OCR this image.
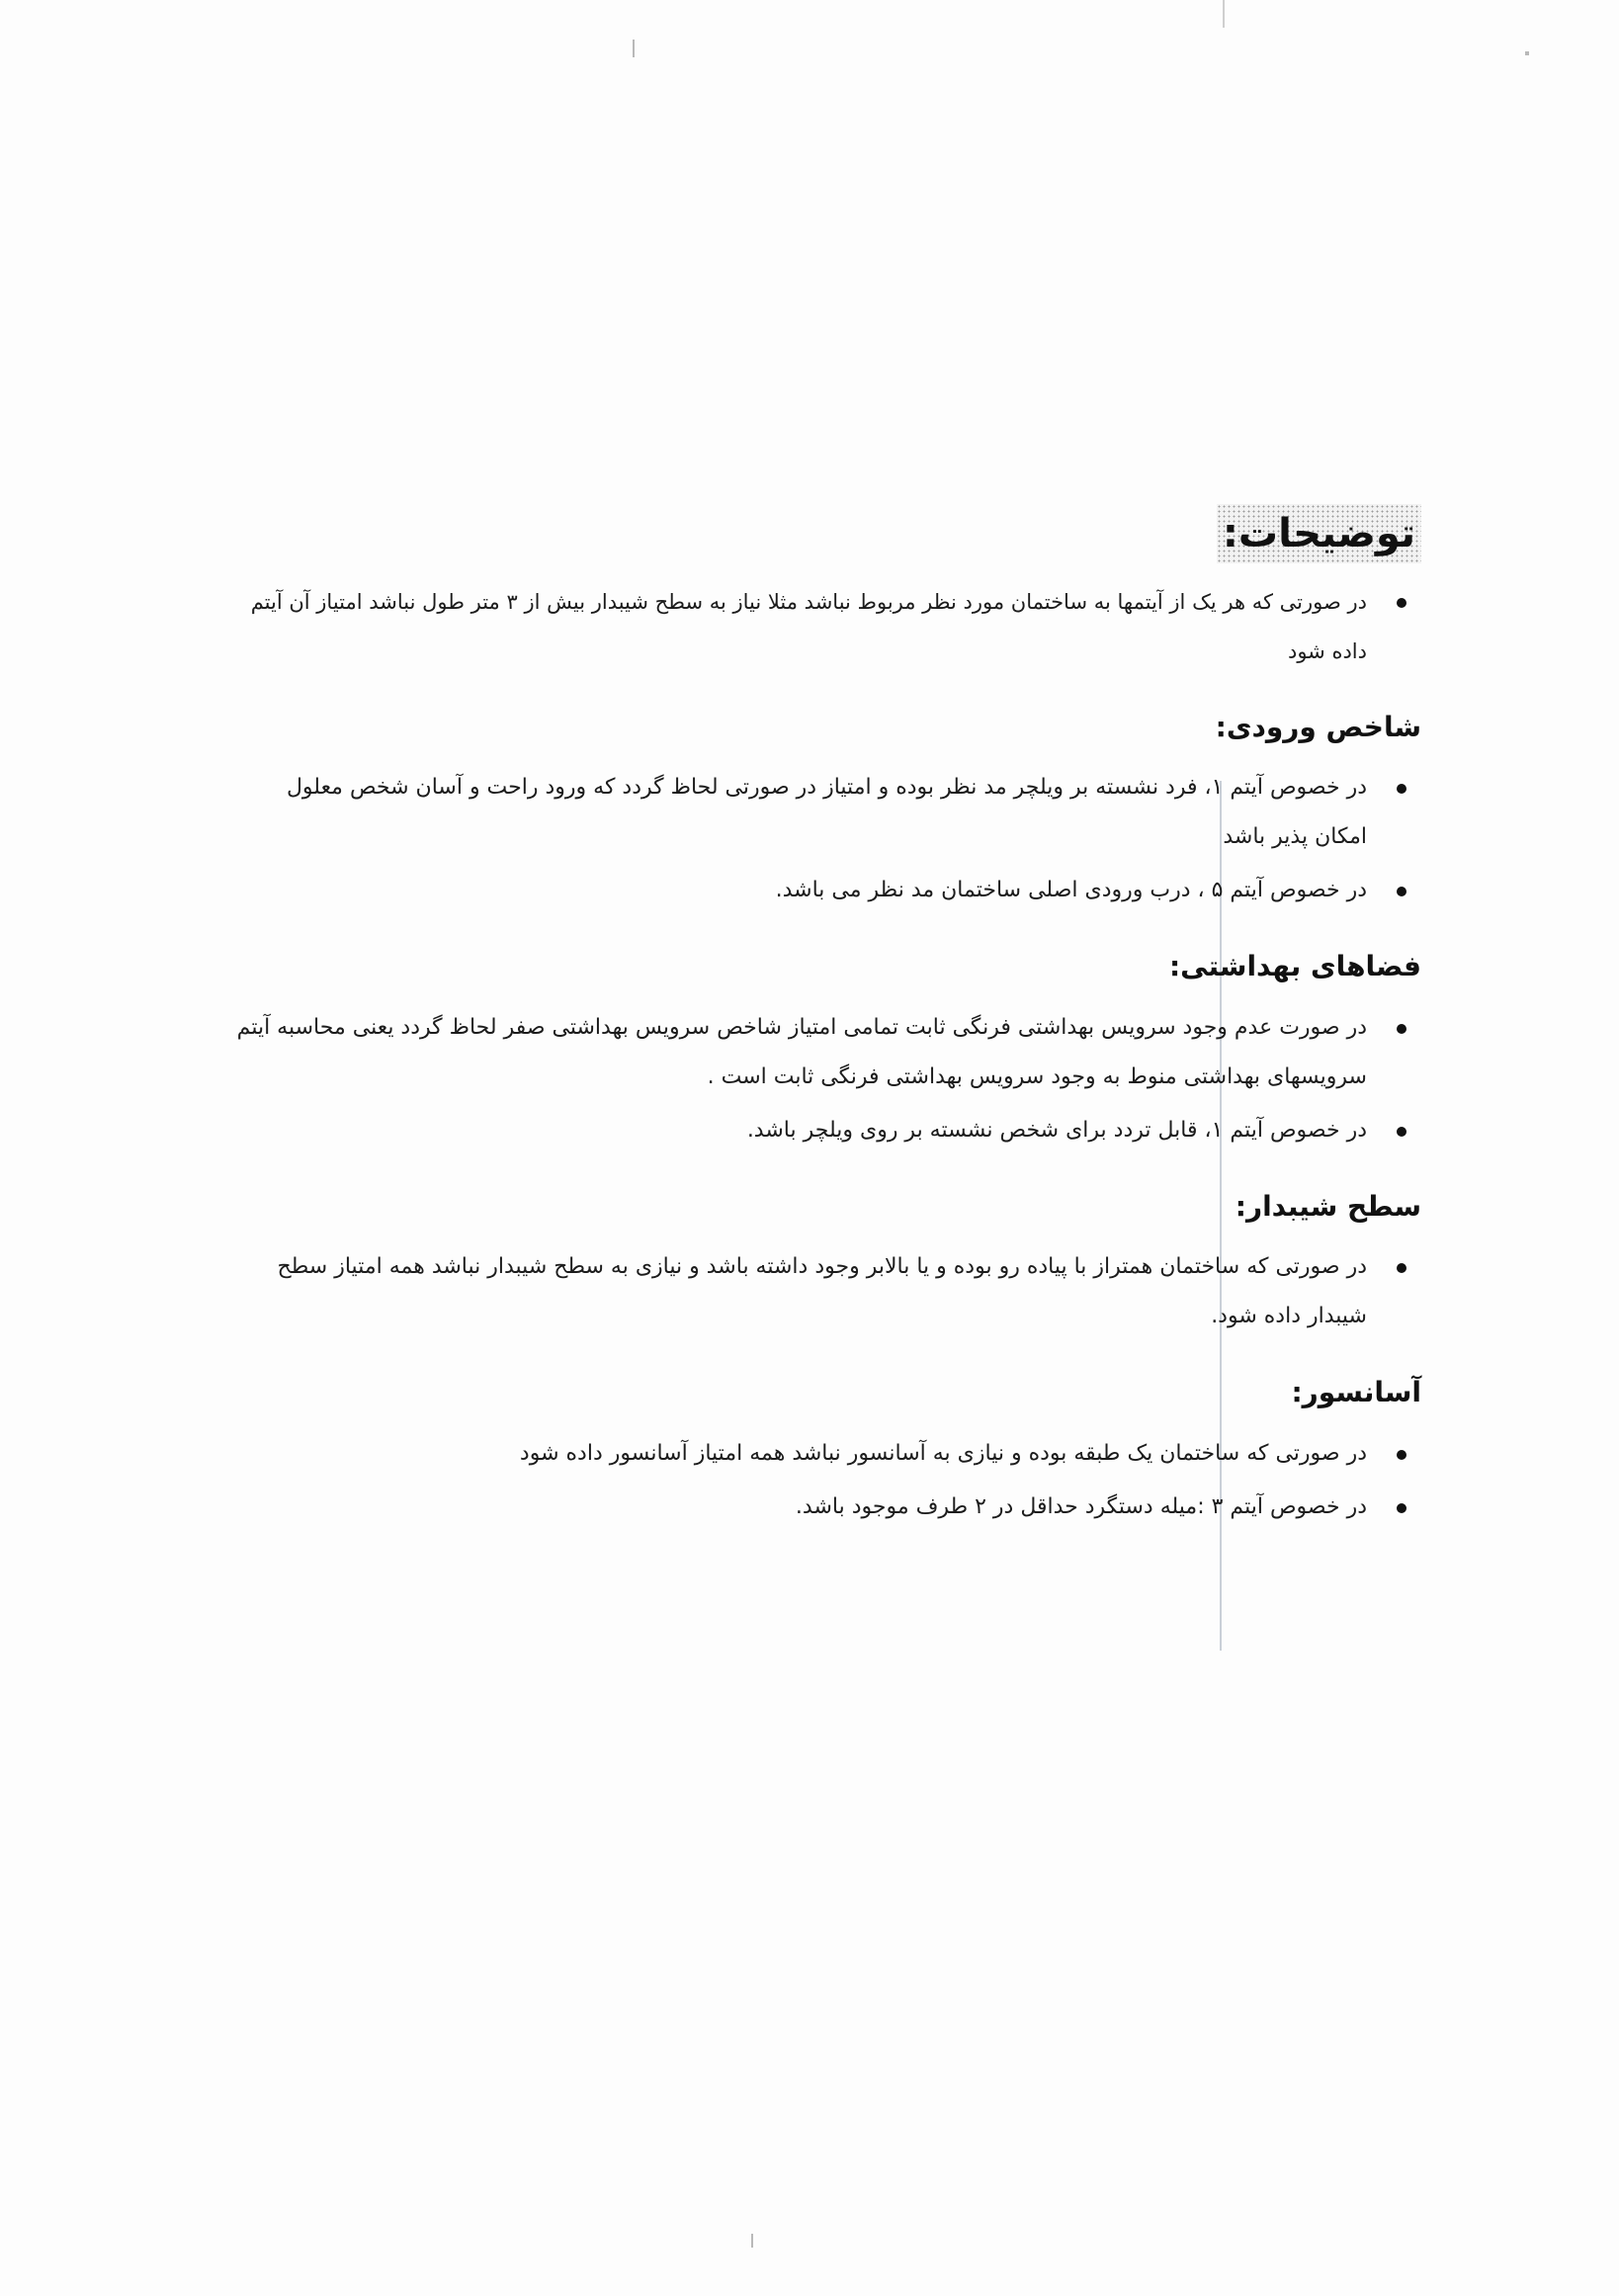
توضیحات:
در صورتی که هر یک از آیتمها به ساختمان مورد نظر مربوط نباشد مثلا نیاز به سطح شیبدار بیش از ۳ متر طول نباشد امتیاز آن آیتم داده شود
شاخص ورودی:
در خصوص آیتم ۱، فرد نشسته بر ویلچر مد نظر بوده و امتیاز در صورتی لحاظ گردد که ورود راحت و آسان شخص معلول امکان پذیر باشد
در خصوص آیتم ۵ ، درب ورودی اصلی ساختمان مد نظر می باشد.
فضاهای بهداشتی:
در صورت عدم وجود سرویس بهداشتی فرنگی ثابت تمامی امتیاز شاخص سرویس بهداشتی صفر لحاظ گردد یعنی محاسبه آیتم سرویسهای بهداشتی منوط به وجود سرویس بهداشتی فرنگی ثابت است .
در خصوص آیتم ۱، قابل تردد برای شخص نشسته بر روی ویلچر باشد.
سطح شیبدار:
در صورتی که ساختمان همتراز با پیاده رو بوده و یا بالابر وجود داشته باشد و نیازی به سطح شیبدار نباشد همه امتیاز سطح شیبدار داده شود.
آسانسور:
در صورتی که ساختمان یک طبقه بوده و نیازی به آسانسور نباشد همه امتیاز آسانسور داده شود
در خصوص آیتم ۳ :میله دستگرد حداقل در ۲ طرف موجود باشد.
